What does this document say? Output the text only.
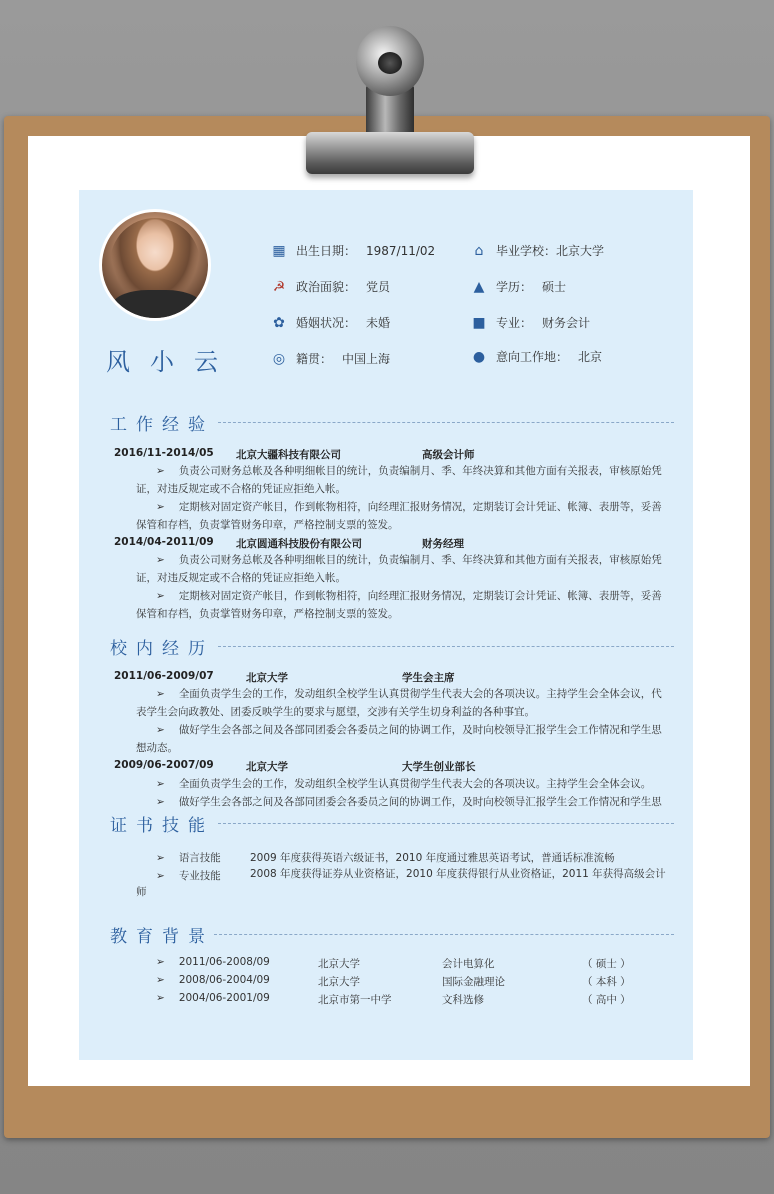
风小云
▦ 出生日期： 1987/11/02	⌂ 毕业学校：北京大学
☭ 政治面貌： 党员	▲ 学历： 硕士
✿ 婚姻状况： 未婚	■ 专业： 财务会计
◎ 籍贯： 中国上海	● 意向工作地： 北京
工作经验
2016/11-2014/05 北京大疆科技有限公司	高级会计师
➢ 负责公司财务总帐及各种明细帐目的统计，负责编制月、季、年终决算和其他方面有关报表，审核原始凭证，对违反规定或不合格的凭证应拒绝入帐。
➢ 定期核对固定资产帐目，作到帐物相符，向经理汇报财务情况，定期装订会计凭证、帐簿、表册等，妥善保管和存档，负责掌管财务印章，严格控制支票的签发。
2014/04-2011/09 北京圆通科技股份有限公司	财务经理
➢ 负责公司财务总帐及各种明细帐目的统计，负责编制月、季、年终决算和其他方面有关报表，审核原始凭证，对违反规定或不合格的凭证应拒绝入帐。
➢ 定期核对固定资产帐目，作到帐物相符，向经理汇报财务情况，定期装订会计凭证、帐簿、表册等，妥善保管和存档，负责掌管财务印章，严格控制支票的签发。
校内经历
2011/06-2009/07	北京大学	学生会主席
➢ 全面负责学生会的工作，发动组织全校学生认真贯彻学生代表大会的各项决议。主持学生会全体会议，代表学生会向政教处、团委反映学生的要求与愿望，交涉有关学生切身利益的各种事宜。
➢ 做好学生会各部之间及各部同团委会各委员之间的协调工作，及时向校领导汇报学生会工作情况和学生思想动态。
2009/06-2007/09	北京大学	大学生创业部长
➢ 全面负责学生会的工作，发动组织全校学生认真贯彻学生代表大会的各项决议。主持学生会全体会议。
➢ 做好学生会各部之间及各部同团委会各委员之间的协调工作，及时向校领导汇报学生会工作情况和学生思
证书技能
➢ 语言技能	2009 年度获得英语六级证书，2010 年度通过雅思英语考试，普通话标准流畅
➢ 专业技能	2008 年度获得证券从业资格证，2010 年度获得银行从业资格证，2011 年获得高级会计师
教育背景
➢ 2011/06-2008/09	北京大学	会计电算化	（ 硕士 ）
➢ 2008/06-2004/09	北京大学	国际金融理论	（ 本科 ）
➢ 2004/06-2001/09	北京市第一中学	文科选修	（ 高中 ）
